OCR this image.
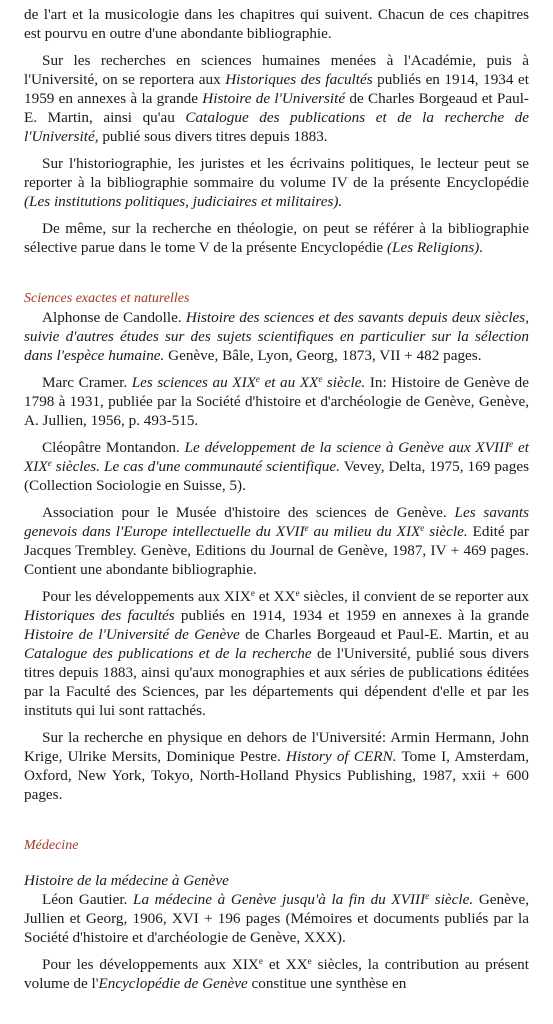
de l'art et la musicologie dans les chapitres qui suivent. Chacun de ces chapitres est pourvu en outre d'une abondante bibliographie.

Sur les recherches en sciences humaines menées à l'Académie, puis à l'Université, on se reportera aux Historiques des facultés publiés en 1914, 1934 et 1959 en annexes à la grande Histoire de l'Université de Charles Borgeaud et Paul-E. Martin, ainsi qu'au Catalogue des publications et de la recherche de l'Université, publié sous divers titres depuis 1883.

Sur l'historiographie, les juristes et les écrivains politiques, le lecteur peut se reporter à la bibliographie sommaire du volume IV de la présente Encyclopédie (Les institutions politiques, judiciaires et militaires).

De même, sur la recherche en théologie, on peut se référer à la bibliographie sélective parue dans le tome V de la présente Encyclopédie (Les Religions).

Sciences exactes et naturelles

Alphonse de Candolle. Histoire des sciences et des savants depuis deux siècles, suivie d'autres études sur des sujets scientifiques en particulier sur la sélection dans l'espèce humaine. Genève, Bâle, Lyon, Georg, 1873, VII + 482 pages.

Marc Cramer. Les sciences au XIXe et au XXe siècle. In: Histoire de Genève de 1798 à 1931, publiée par la Société d'histoire et d'archéologie de Genève, Genève, A. Jullien, 1956, p. 493-515.

Cléopâtre Montandon. Le développement de la science à Genève aux XVIIIe et XIXe siècles. Le cas d'une communauté scientifique. Vevey, Delta, 1975, 169 pages (Collection Sociologie en Suisse, 5).

Association pour le Musée d'histoire des sciences de Genève. Les savants genevois dans l'Europe intellectuelle du XVIIe au milieu du XIXe siècle. Edité par Jacques Trembley. Genève, Editions du Journal de Genève, 1987, IV + 469 pages. Contient une abondante bibliographie.

Pour les développements aux XIXe et XXe siècles, il convient de se reporter aux Historiques des facultés publiés en 1914, 1934 et 1959 en annexes à la grande Histoire de l'Université de Genève de Charles Borgeaud et Paul-E. Martin, et au Catalogue des publications et de la recherche de l'Université, publié sous divers titres depuis 1883, ainsi qu'aux monographies et aux séries de publications éditées par la Faculté des Sciences, par les départements qui dépendent d'elle et par les instituts qui lui sont rattachés.

Sur la recherche en physique en dehors de l'Université: Armin Hermann, John Krige, Ulrike Mersits, Dominique Pestre. History of CERN. Tome I, Amsterdam, Oxford, New York, Tokyo, North-Holland Physics Publishing, 1987, xxii + 600 pages.

Médecine

Histoire de la médecine à Genève

Léon Gautier. La médecine à Genève jusqu'à la fin du XVIIIe siècle. Genève, Jullien et Georg, 1906, XVI + 196 pages (Mémoires et documents publiés par la Société d'histoire et d'archéologie de Genève, XXX).

Pour les développements aux XIXe et XXe siècles, la contribution au présent volume de l'Encyclopédie de Genève constitue une synthèse en
